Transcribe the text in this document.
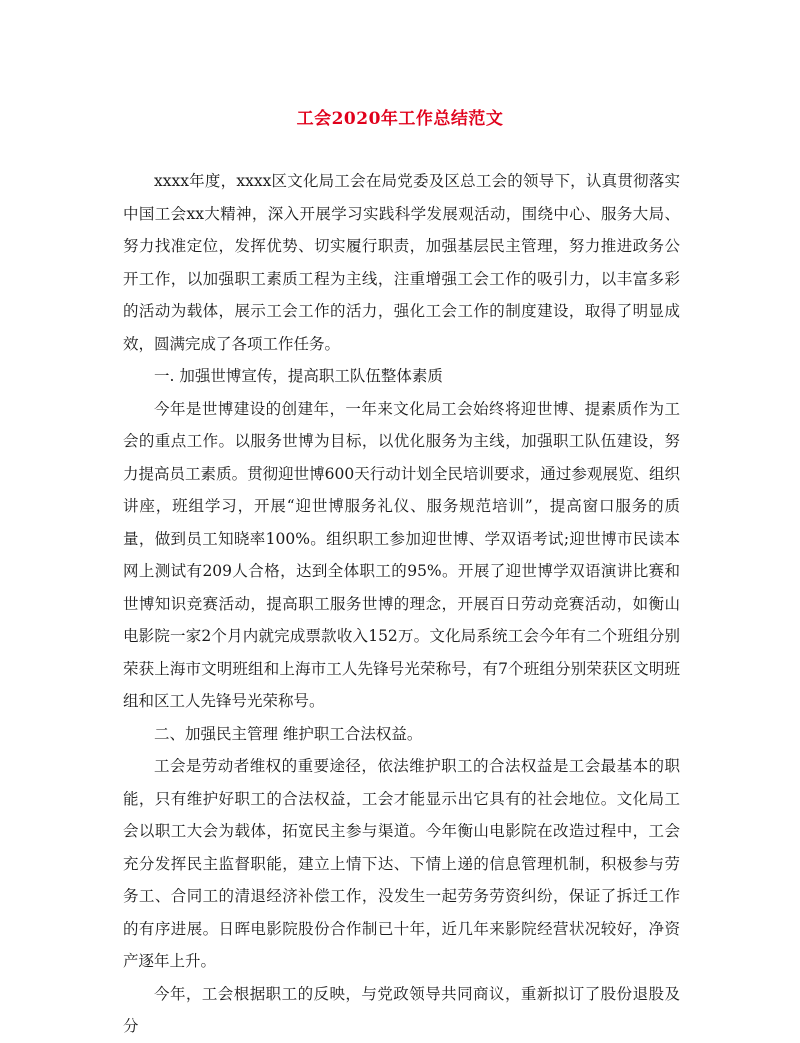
工会2020年工作总结范文

xxxx年度，xxxx区文化局工会在局党委及区总工会的领导下，认真贯彻落实中国工会xx大精神，深入开展学习实践科学发展观活动，围绕中心、服务大局、努力找准定位，发挥优势、切实履行职责，加强基层民主管理，努力推进政务公开工作，以加强职工素质工程为主线，注重增强工会工作的吸引力，以丰富多彩的活动为载体，展示工会工作的活力，强化工会工作的制度建设，取得了明显成效，圆满完成了各项工作任务。

一. 加强世博宣传，提高职工队伍整体素质

今年是世博建设的创建年，一年来文化局工会始终将迎世博、提素质作为工会的重点工作。以服务世博为目标，以优化服务为主线，加强职工队伍建设，努力提高员工素质。贯彻迎世博600天行动计划全民培训要求，通过参观展览、组织讲座，班组学习，开展“迎世博服务礼仪、服务规范培训”，提高窗口服务的质量，做到员工知晓率100%。组织职工参加迎世博、学双语考试;迎世博市民读本网上测试有209人合格，达到全体职工的95%。开展了迎世博学双语演讲比赛和世博知识竞赛活动，提高职工服务世博的理念，开展百日劳动竞赛活动，如衡山电影院一家2个月内就完成票款收入152万。文化局系统工会今年有二个班组分别荣获上海市文明班组和上海市工人先锋号光荣称号，有7个班组分别荣获区文明班组和区工人先锋号光荣称号。

二、加强民主管理 维护职工合法权益。

工会是劳动者维权的重要途径，依法维护职工的合法权益是工会最基本的职能，只有维护好职工的合法权益，工会才能显示出它具有的社会地位。文化局工会以职工大会为载体，拓宽民主参与渠道。今年衡山电影院在改造过程中，工会充分发挥民主监督职能，建立上情下达、下情上递的信息管理机制，积极参与劳务工、合同工的清退经济补偿工作，没发生一起劳务劳资纠纷，保证了拆迁工作的有序进展。日晖电影院股份合作制已十年，近几年来影院经营状况较好，净资产逐年上升。

今年，工会根据职工的反映，与党政领导共同商议，重新拟订了股份退股及分
